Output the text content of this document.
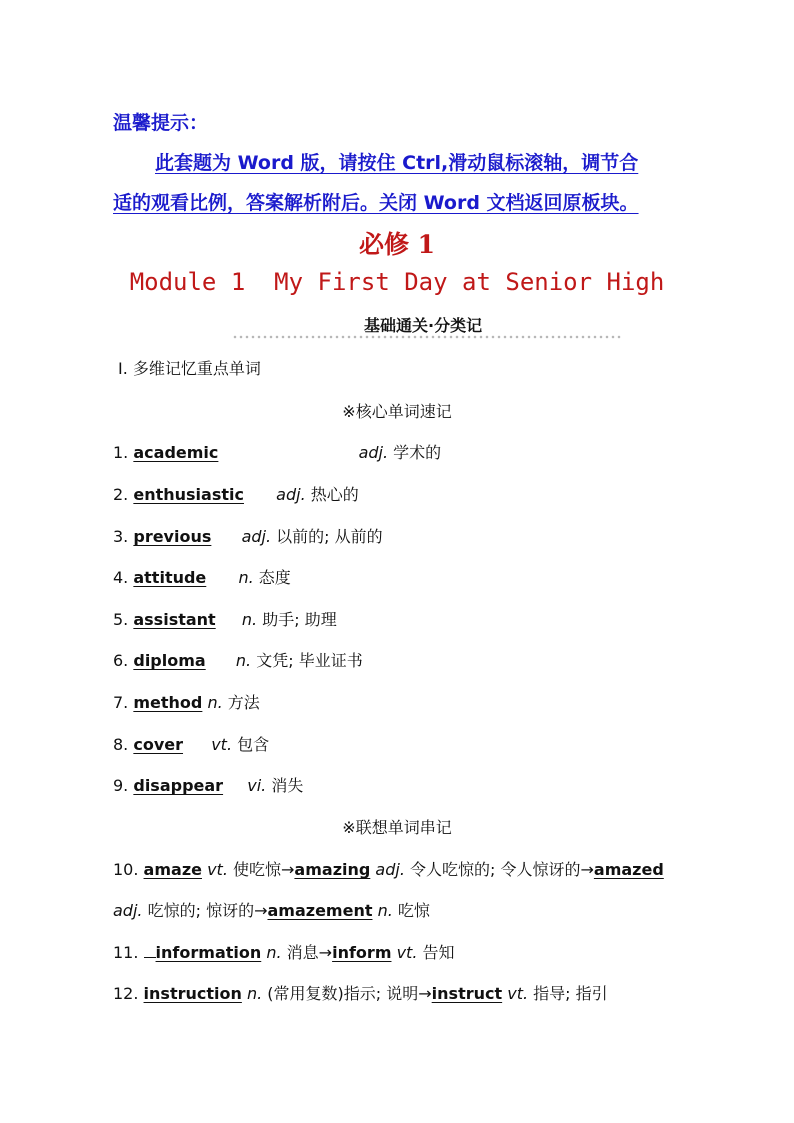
温馨提示：
此套题为 Word 版，请按住 Ctrl,滑动鼠标滚轴，调节合
适的观看比例，答案解析附后。关闭 Word 文档返回原板块。
必修 1
Module 1  My First Day at Senior High
基础通关·分类记
Ⅰ. 多维记忆重点单词
※核心单词速记
1. academic	adj. 学术的
2. enthusiastic adj. 热心的
3. previous adj. 以前的; 从前的
4. attitude n. 态度
5. assistant n. 助手; 助理
6. diploma n. 文凭; 毕业证书
7. method n. 方法
8. cover vt. 包含
9. disappear vi. 消失
※联想单词串记
10. amaze vt. 使吃惊→amazing adj. 令人吃惊的; 令人惊讶的→amazed
adj. 吃惊的; 惊讶的→amazement n. 吃惊
11. information n. 消息→inform vt. 告知
12. instruction n. (常用复数)指示; 说明→instruct vt. 指导; 指引
